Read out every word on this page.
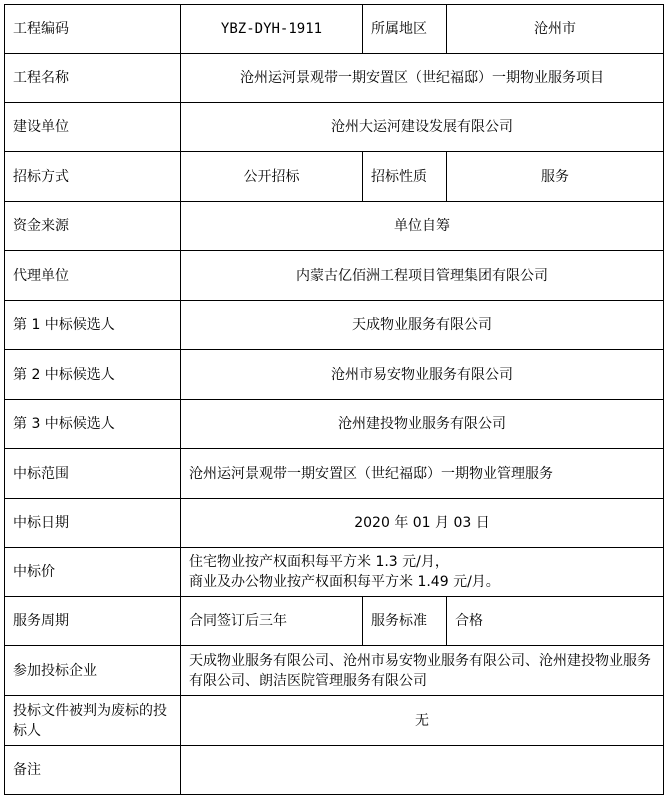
工程编码	YBZ-DYH-1911	所属地区	沧州市
工程名称	沧州运河景观带一期安置区（世纪福邸）一期物业服务项目		
建设单位	沧州大运河建设发展有限公司		
招标方式	公开招标	招标性质	服务
资金来源	单位自筹		
代理单位	内蒙古亿佰洲工程项目管理集团有限公司		
第 1 中标候选人	天成物业服务有限公司		
第 2 中标候选人	沧州市易安物业服务有限公司		
第 3 中标候选人	沧州建投物业服务有限公司		
中标范围	沧州运河景观带一期安置区（世纪福邸）一期物业管理服务		
中标日期	2020 年 01 月 03 日		
中标价	住宅物业按产权面积每平方米 1.3 元/月，
商业及办公物业按产权面积每平方米 1.49 元/月。		

服务周期	合同签订后三年	服务标准	合格
参加投标企业	天成物业服务有限公司、沧州市易安物业服务有限公司、沧州建投物业服务有限公司、朗洁医院管理服务有限公司		
投标文件被判为废标的投标人	无		
备注			
